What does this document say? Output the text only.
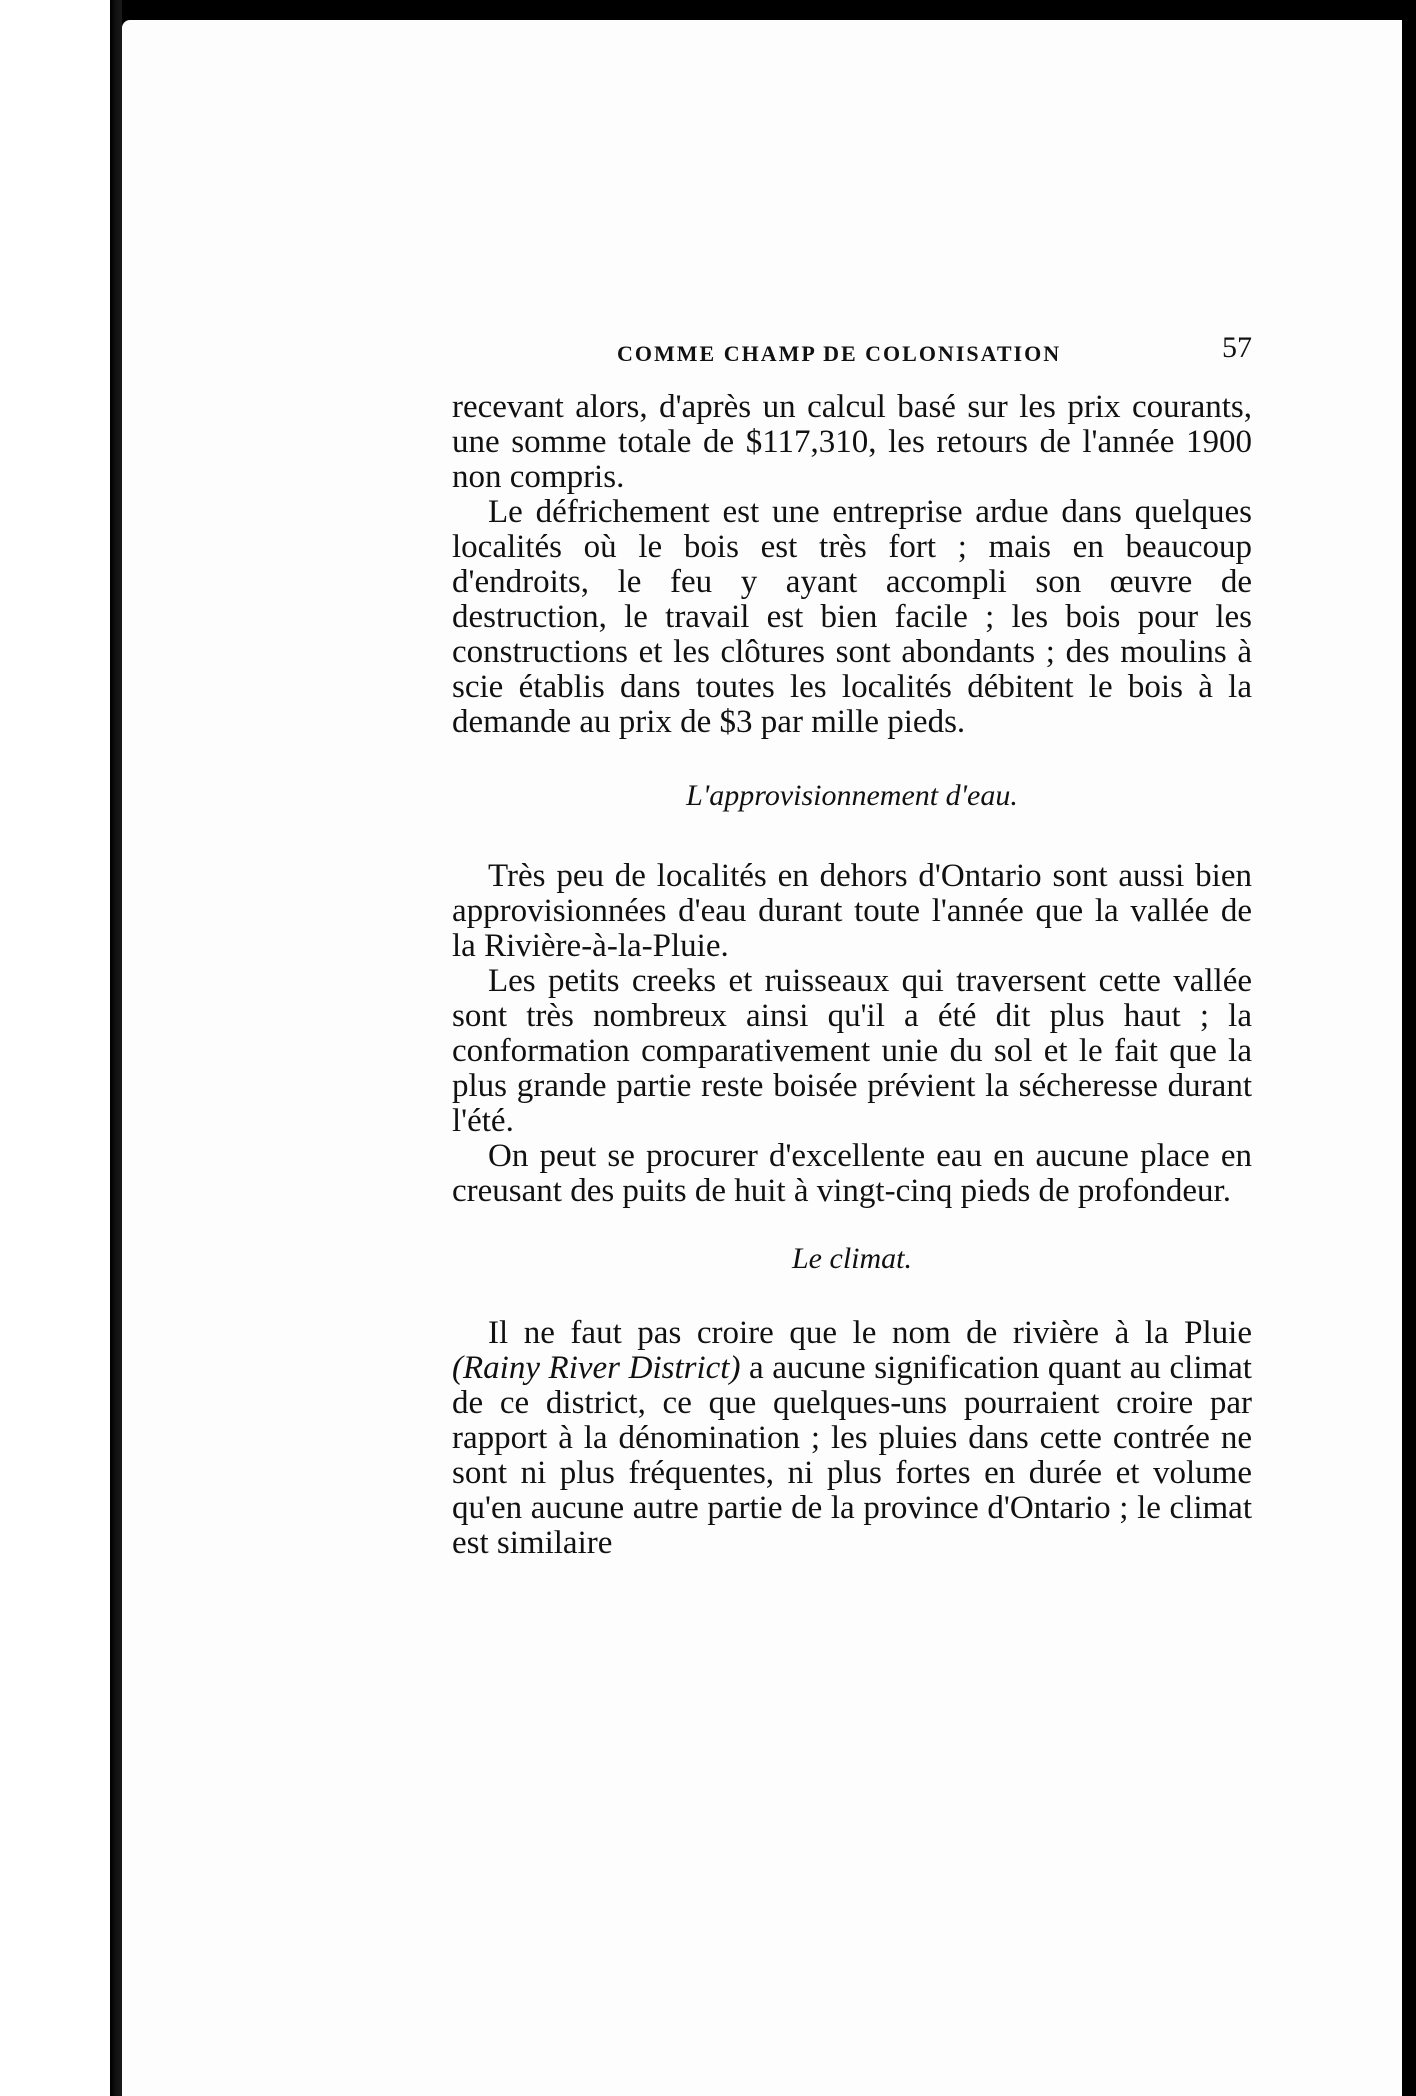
COMME CHAMP DE COLONISATION	57

recevant alors, d'après un calcul basé sur les prix courants, une somme totale de $117,310, les retours de l'année 1900 non compris.

Le défrichement est une entreprise ardue dans quelques localités où le bois est très fort ; mais en beaucoup d'endroits, le feu y ayant accompli son œuvre de destruction, le travail est bien facile ; les bois pour les constructions et les clôtures sont abondants ; des moulins à scie établis dans toutes les localités débitent le bois à la demande au prix de $3 par mille pieds.

L'approvisionnement d'eau.

Très peu de localités en dehors d'Ontario sont aussi bien approvisionnées d'eau durant toute l'année que la vallée de la Rivière-à-la-Pluie.

Les petits creeks et ruisseaux qui traversent cette vallée sont très nombreux ainsi qu'il a été dit plus haut ; la conformation comparativement unie du sol et le fait que la plus grande partie reste boisée prévient la sécheresse durant l'été.

On peut se procurer d'excellente eau en aucune place en creusant des puits de huit à vingt-cinq pieds de profondeur.

Le climat.

Il ne faut pas croire que le nom de rivière à la Pluie (Rainy River District) a aucune signification quant au climat de ce district, ce que quelques-uns pourraient croire par rapport à la dénomination ; les pluies dans cette contrée ne sont ni plus fréquentes, ni plus fortes en durée et volume qu'en aucune autre partie de la province d'Ontario ; le climat est similaire
